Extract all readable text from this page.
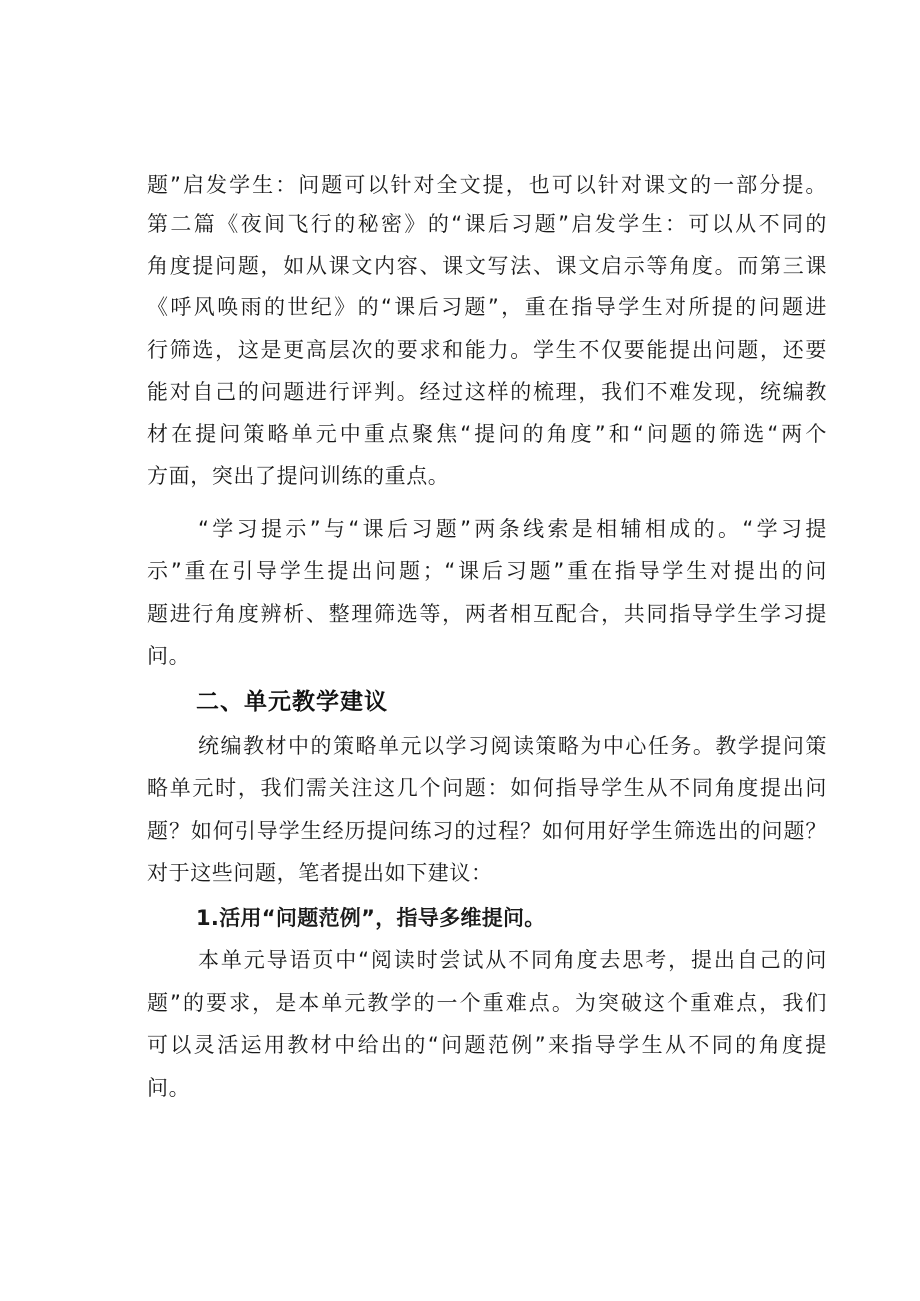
题”启发学生：问题可以针对全文提，也可以针对课文的一部分提。
第二篇《夜间飞行的秘密》的“课后习题”启发学生：可以从不同的
角度提问题，如从课文内容、课文写法、课文启示等角度。而第三课
《呼风唤雨的世纪》的“课后习题”，重在指导学生对所提的问题进
行筛选，这是更高层次的要求和能力。学生不仅要能提出问题，还要
能对自己的问题进行评判。经过这样的梳理，我们不难发现，统编教
材在提问策略单元中重点聚焦“提问的角度”和“问题的筛选“两个
方面，突出了提问训练的重点。
“学习提示”与“课后习题”两条线索是相辅相成的。“学习提
示”重在引导学生提出问题；“课后习题”重在指导学生对提出的问
题进行角度辨析、整理筛选等，两者相互配合，共同指导学生学习提
问。
二、单元教学建议
统编教材中的策略单元以学习阅读策略为中心任务。教学提问策
略单元时，我们需关注这几个问题：如何指导学生从不同角度提出问
题？如何引导学生经历提问练习的过程？如何用好学生筛选出的问题？
对于这些问题，笔者提出如下建议：
1.活用“问题范例”，指导多维提问。
本单元导语页中“阅读时尝试从不同角度去思考，提出自己的问
题”的要求，是本单元教学的一个重难点。为突破这个重难点，我们
可以灵活运用教材中给出的“问题范例”来指导学生从不同的角度提
问。
